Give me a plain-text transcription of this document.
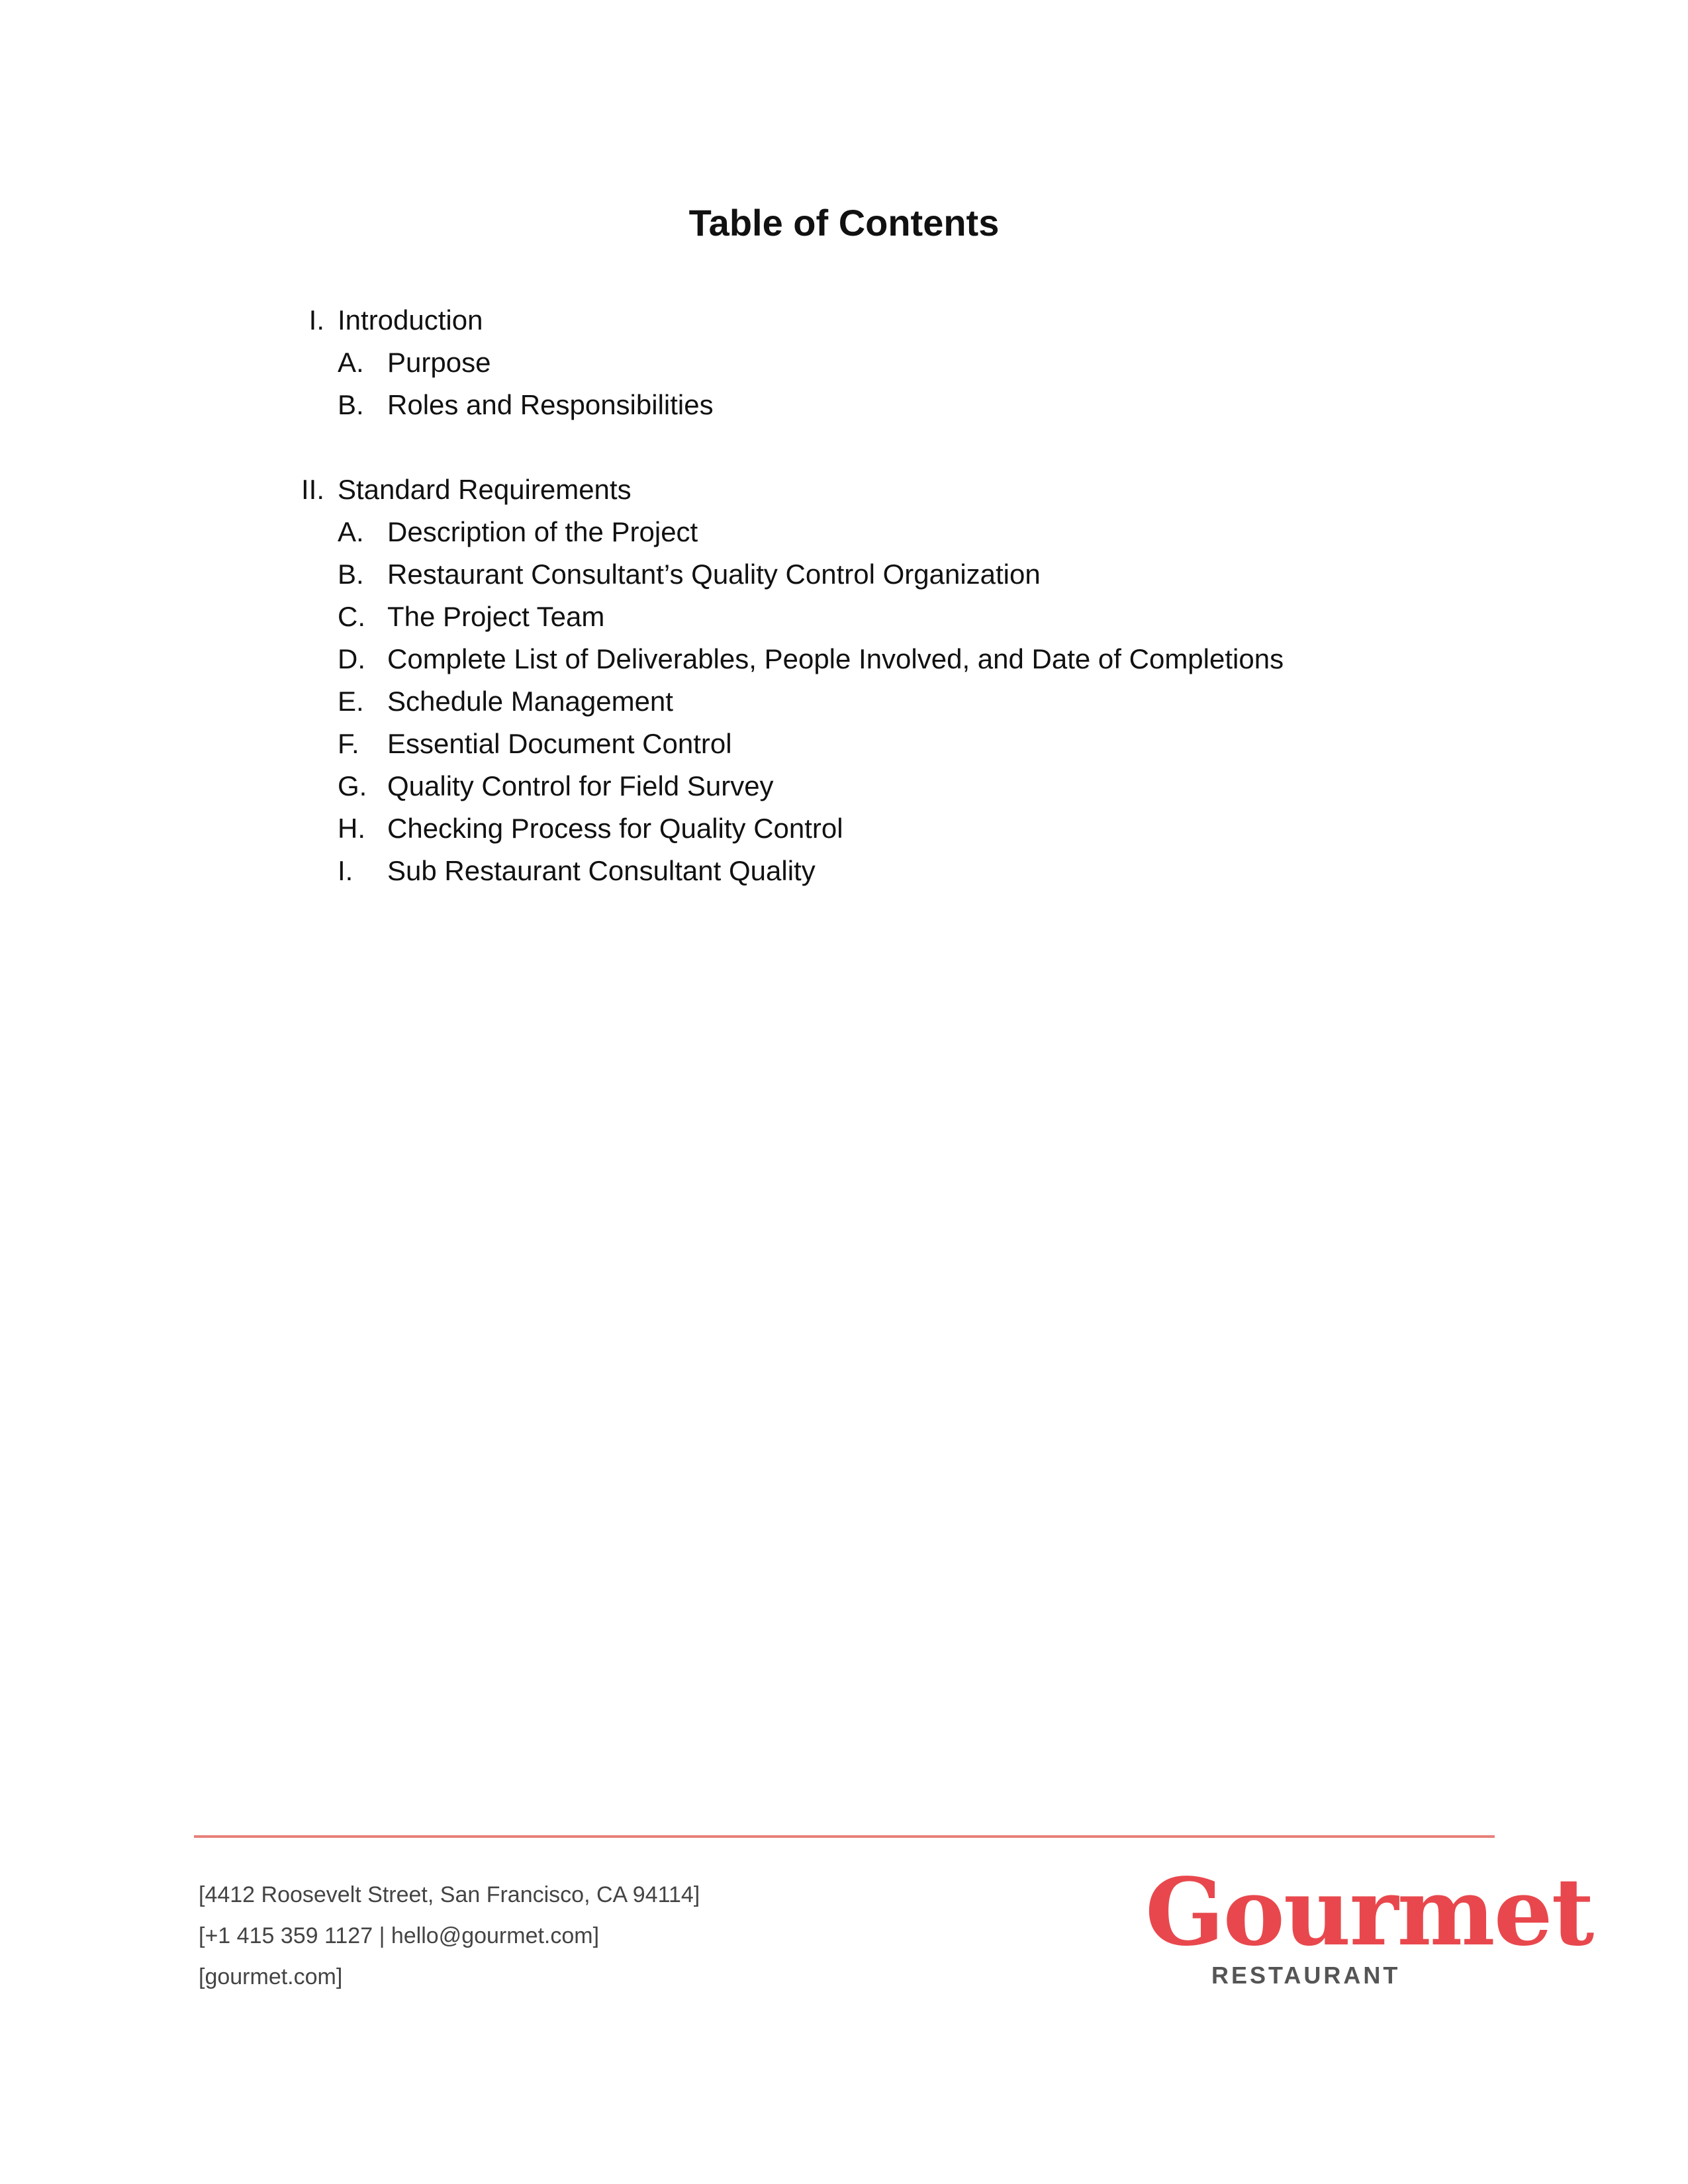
Table of Contents
I. Introduction
A. Purpose
B. Roles and Responsibilities
II. Standard Requirements
A. Description of the Project
B. Restaurant Consultant’s Quality Control Organization
C. The Project Team
D. Complete List of Deliverables, People Involved, and Date of Completions
E. Schedule Management
F. Essential Document Control
G. Quality Control for Field Survey
H. Checking Process for Quality Control
I. Sub Restaurant Consultant Quality
[4412 Roosevelt Street, San Francisco, CA 94114]
[+1 415 359 1127 | hello@gourmet.com]
[gourmet.com]
Gourmet
RESTAURANT
